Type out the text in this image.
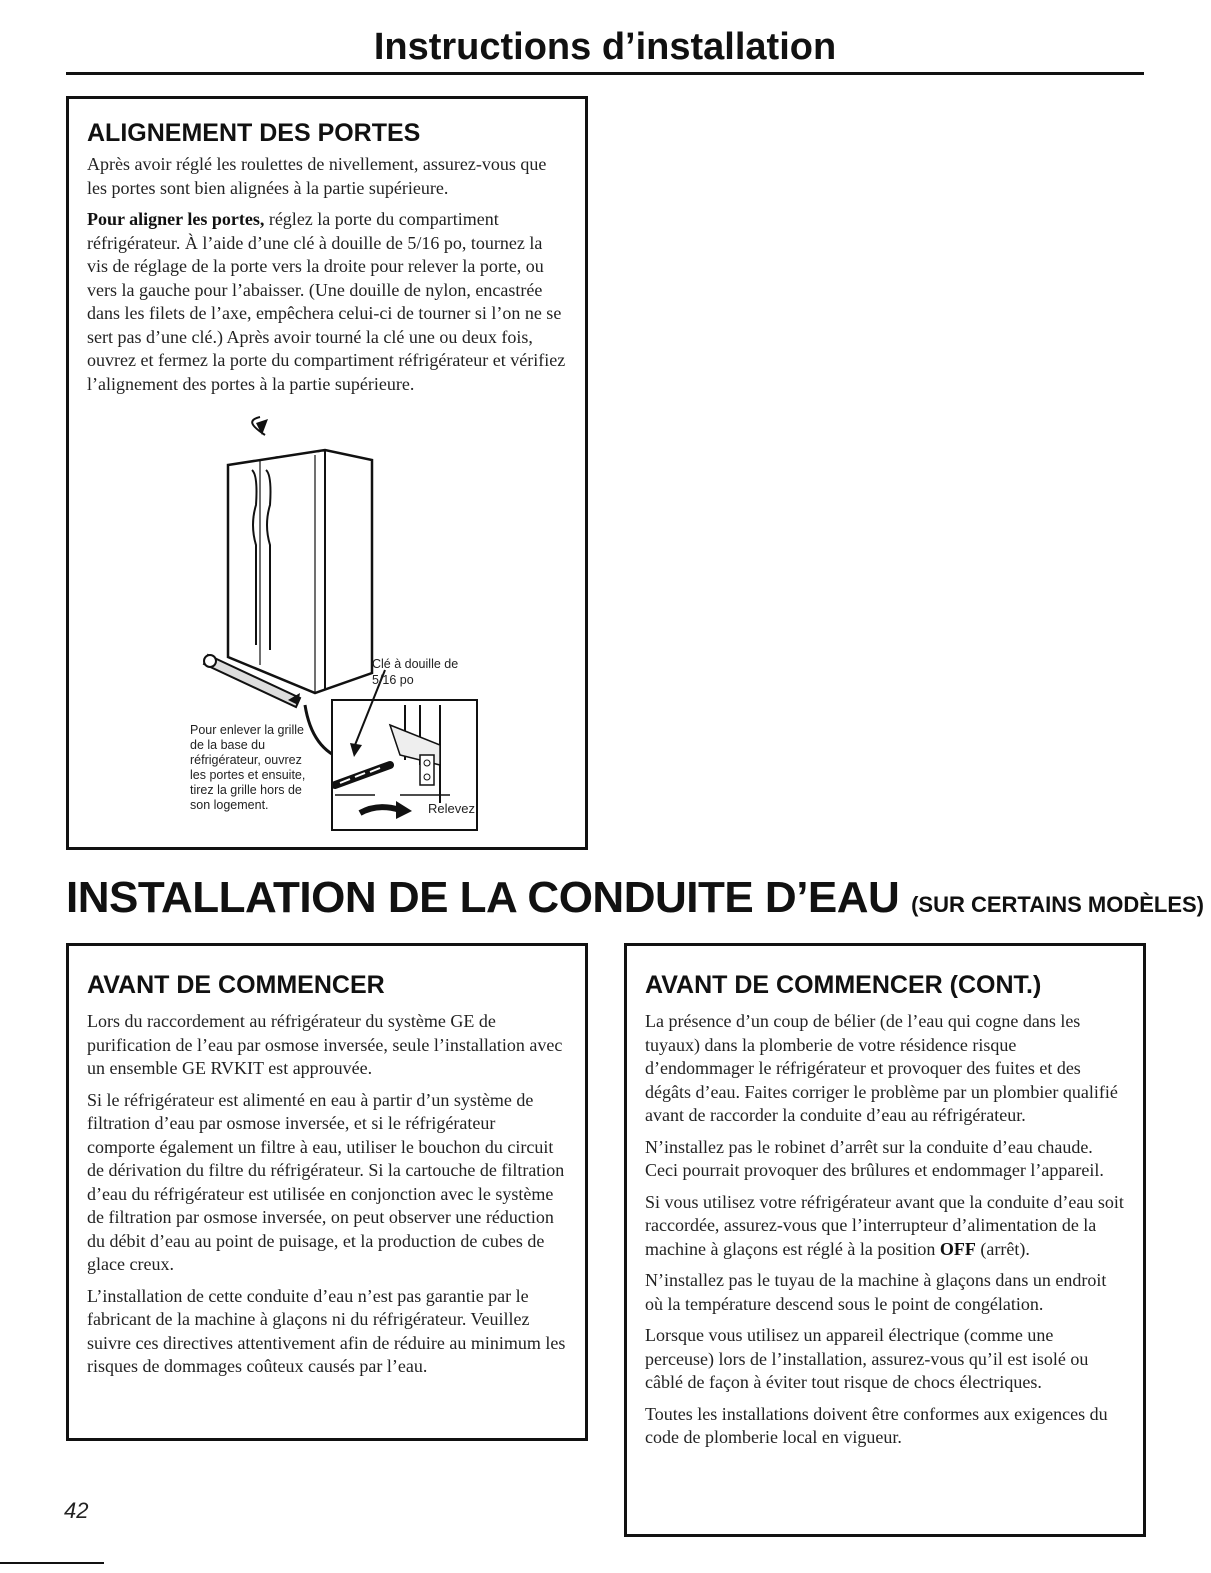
Instructions d’installation
ALIGNEMENT DES PORTES

Après avoir réglé les roulettes de nivellement, assurez-vous que les portes sont bien alignées à la partie supérieure.

Pour aligner les portes, réglez la porte du compartiment réfrigérateur. À l’aide d’une clé à douille de 5/16 po, tournez la vis de réglage de la porte vers la droite pour relever la porte, ou vers la gauche pour l’abaisser. (Une douille de nylon, encastrée dans les filets de l’axe, empêchera celui-ci de tourner si l’on ne se sert pas d’une clé.) Après avoir tourné la clé une ou deux fois, ouvrez et fermez la porte du compartiment réfrigérateur et vérifiez l’alignement des portes à la partie supérieure.

Clé à douille de

5/16 po

Pour enlever la grille
de la base du
réfrigérateur, ouvrez
les portes et ensuite,
tirez la grille hors de
son logement.	Relevez

INSTALLATION DE LA CONDUITE D’EAU (SUR CERTAINS MODÈLES)
AVANT DE COMMENCER

Lors du raccordement au réfrigérateur du système GE de purification de l’eau par osmose inversée, seule l’installation avec un ensemble GE RVKIT est approuvée.

Si le réfrigérateur est alimenté en eau à partir d’un système de filtration d’eau par osmose inversée, et si le réfrigérateur comporte également un filtre à eau, utiliser le bouchon du circuit de dérivation du filtre du réfrigérateur. Si la cartouche de filtration d’eau du réfrigérateur est utilisée en conjonction avec le système de filtration par osmose inversée, on peut observer une réduction du débit d’eau au point de puisage, et la production de cubes de glace creux.

L’installation de cette conduite d’eau n’est pas garantie par le fabricant de la machine à glaçons ni du réfrigérateur. Veuillez suivre ces directives attentivement afin de réduire au minimum les risques de dommages coûteux causés par l’eau.

AVANT DE COMMENCER (CONT.)

La présence d’un coup de bélier (de l’eau qui cogne dans les tuyaux) dans la plomberie de votre résidence risque d’endommager le réfrigérateur et provoquer des fuites et des dégâts d’eau. Faites corriger le problème par un plombier qualifié avant de raccorder la conduite d’eau au réfrigérateur.

N’installez pas le robinet d’arrêt sur la conduite d’eau chaude. Ceci pourrait provoquer des brûlures et endommager l’appareil.

Si vous utilisez votre réfrigérateur avant que la conduite d’eau soit raccordée, assurez-vous que l’interrupteur d’alimentation de la machine à glaçons est réglé à la position OFF (arrêt).

N’installez pas le tuyau de la machine à glaçons dans un endroit où la température descend sous le point de congélation.

Lorsque vous utilisez un appareil électrique (comme une perceuse) lors de l’installation, assurez-vous qu’il est isolé ou câblé de façon à éviter tout risque de chocs électriques.

Toutes les installations doivent être conformes aux exigences du code de plomberie local en vigueur.

42
